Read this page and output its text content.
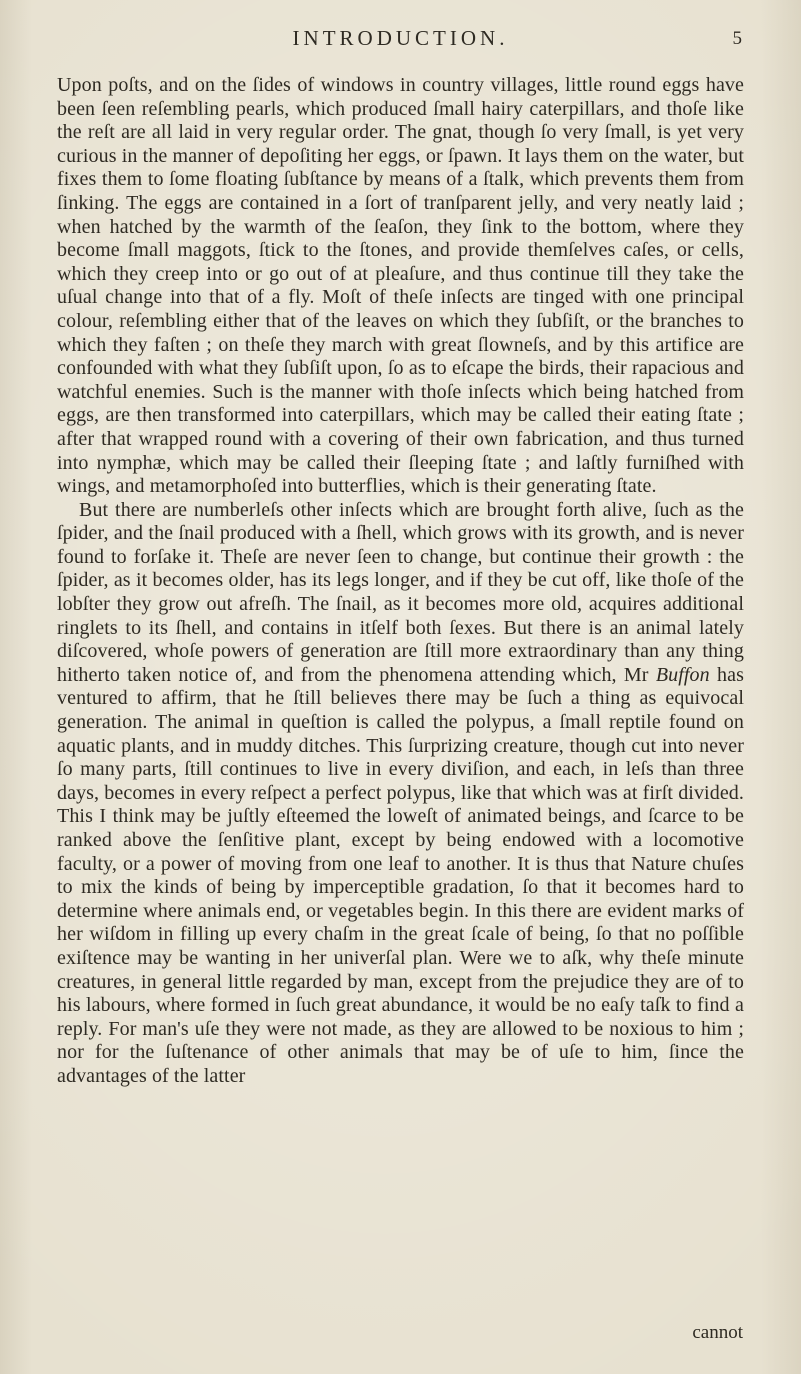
INTRODUCTION.	5

Upon poſts, and on the ſides of windows in country villages, little round eggs have been ſeen reſembling pearls, which produced ſmall hairy caterpillars, and thoſe like the reſt are all laid in very regular order. The gnat, though ſo very ſmall, is yet very curious in the manner of depoſiting her eggs, or ſpawn. It lays them on the water, but fixes them to ſome floating ſubſtance by means of a ſtalk, which prevents them from ſinking. The eggs are contained in a ſort of tranſparent jelly, and very neatly laid ; when hatched by the warmth of the ſeaſon, they ſink to the bottom, where they become ſmall maggots, ſtick to the ſtones, and provide themſelves caſes, or cells, which they creep into or go out of at pleaſure, and thus continue till they take the uſual change into that of a fly. Moſt of theſe inſects are tinged with one principal colour, reſembling either that of the leaves on which they ſubſiſt, or the branches to which they faſten ; on theſe they march with great ſlowneſs, and by this artifice are confounded with what they ſubſiſt upon, ſo as to eſcape the birds, their rapacious and watchful enemies. Such is the manner with thoſe inſects which being hatched from eggs, are then transformed into caterpillars, which may be called their eating ſtate ; after that wrapped round with a covering of their own fabrication, and thus turned into nymphæ, which may be called their ſleeping ſtate ; and laſtly furniſhed with wings, and metamorphoſed into butterflies, which is their generating ſtate.

But there are numberleſs other inſects which are brought forth alive, ſuch as the ſpider, and the ſnail produced with a ſhell, which grows with its growth, and is never found to forſake it. Theſe are never ſeen to change, but continue their growth : the ſpider, as it becomes older, has its legs longer, and if they be cut off, like thoſe of the lobſter they grow out afreſh. The ſnail, as it becomes more old, acquires additional ringlets to its ſhell, and contains in itſelf both ſexes. But there is an animal lately diſcovered, whoſe powers of generation are ſtill more extraordinary than any thing hitherto taken notice of, and from the phenomena attending which, Mr Buffon has ventured to affirm, that he ſtill believes there may be ſuch a thing as equivocal generation. The animal in queſtion is called the polypus, a ſmall reptile found on aquatic plants, and in muddy ditches. This ſurprizing creature, though cut into never ſo many parts, ſtill continues to live in every diviſion, and each, in leſs than three days, becomes in every reſpect a perfect polypus, like that which was at firſt divided. This I think may be juſtly eſteemed the loweſt of animated beings, and ſcarce to be ranked above the ſenſitive plant, except by being endowed with a locomotive faculty, or a power of moving from one leaf to another. It is thus that Nature chuſes to mix the kinds of being by imperceptible gradation, ſo that it becomes hard to determine where animals end, or vegetables begin. In this there are evident marks of her wiſdom in filling up every chaſm in the great ſcale of being, ſo that no poſſible exiſtence may be wanting in her univerſal plan. Were we to aſk, why theſe minute creatures, in general little regarded by man, except from the prejudice they are of to his labours, where formed in ſuch great abundance, it would be no eaſy taſk to find a reply. For man's uſe they were not made, as they are allowed to be noxious to him ; nor for the ſuſtenance of other animals that may be of uſe to him, ſince the advantages of the latter

cannot
